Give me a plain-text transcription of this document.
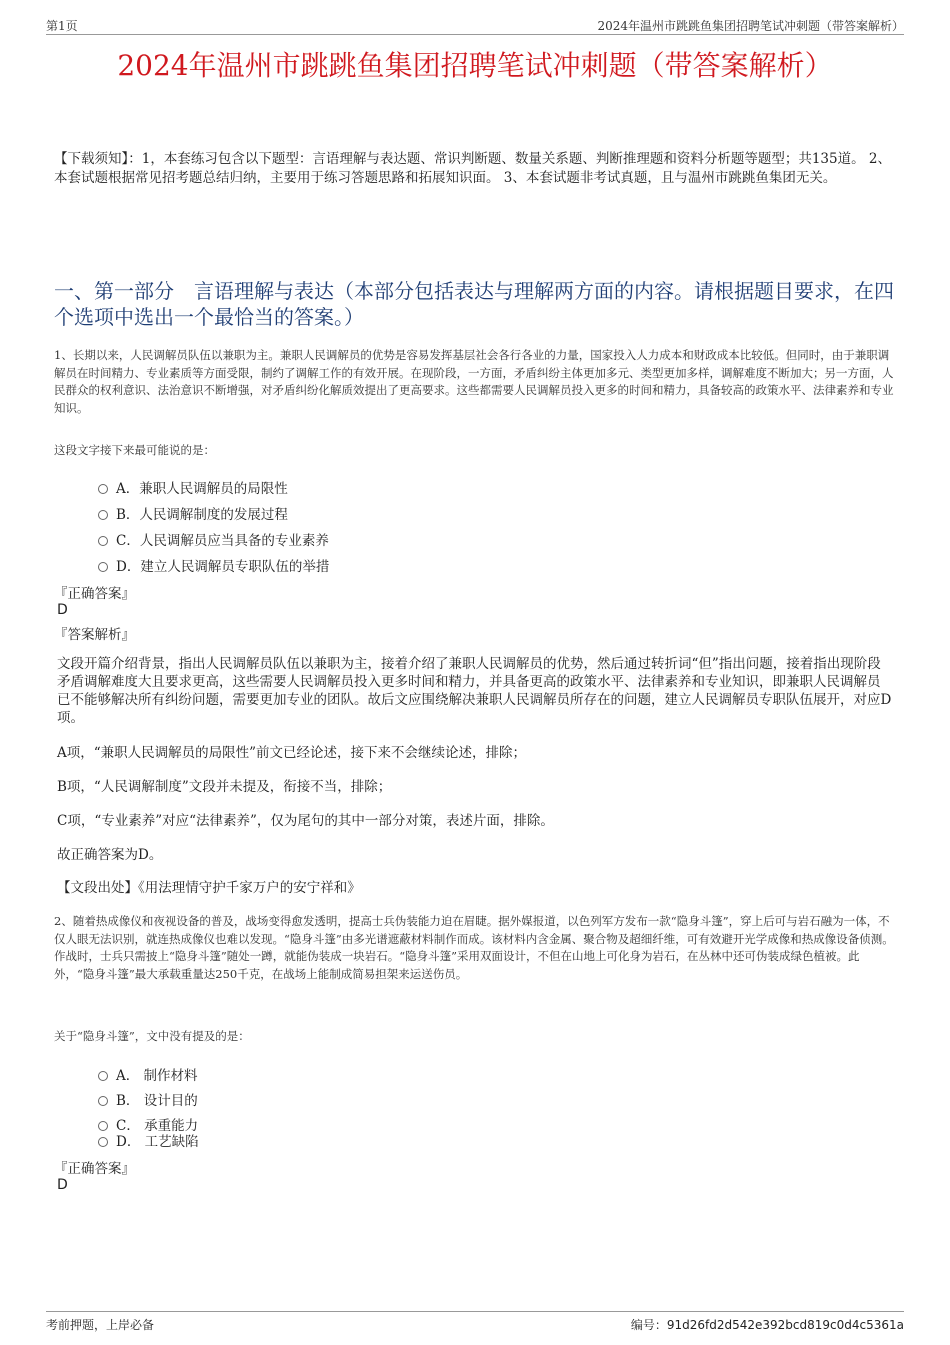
第1页	2024年温州市跳跳鱼集团招聘笔试冲刺题（带答案解析）
2024年温州市跳跳鱼集团招聘笔试冲刺题（带答案解析）
【下载须知】：1，本套练习包含以下题型：言语理解与表达题、常识判断题、数量关系题、判断推理题和资料分析题等题型；共135道。 2、本套试题根据常见招考题总结归纳，主要用于练习答题思路和拓展知识面。 3、本套试题非考试真题，且与温州市跳跳鱼集团无关。
一、第一部分　言语理解与表达（本部分包括表达与理解两方面的内容。请根据题目要求，在四个选项中选出一个最恰当的答案。）
1、长期以来，人民调解员队伍以兼职为主。兼职人民调解员的优势是容易发挥基层社会各行各业的力量，国家投入人力成本和财政成本比较低。但同时，由于兼职调解员在时间精力、专业素质等方面受限，制约了调解工作的有效开展。在现阶段，一方面，矛盾纠纷主体更加多元、类型更加多样，调解难度不断加大；另一方面，人民群众的权利意识、法治意识不断增强，对矛盾纠纷化解质效提出了更高要求。这些都需要人民调解员投入更多的时间和精力，具备较高的政策水平、法律素养和专业知识。
这段文字接下来最可能说的是：
A．兼职人民调解员的局限性
B．人民调解制度的发展过程
C．人民调解员应当具备的专业素养
D．建立人民调解员专职队伍的举措
『正确答案』
D
『答案解析』
文段开篇介绍背景，指出人民调解员队伍以兼职为主，接着介绍了兼职人民调解员的优势，然后通过转折词“但”指出问题，接着指出现阶段矛盾调解难度大且要求更高，这些需要人民调解员投入更多时间和精力，并具备更高的政策水平、法律素养和专业知识，即兼职人民调解员已不能够解决所有纠纷问题，需要更加专业的团队。故后文应围绕解决兼职人民调解员所存在的问题，建立人民调解员专职队伍展开，对应D项。
A项，“兼职人民调解员的局限性”前文已经论述，接下来不会继续论述，排除；
B项，“人民调解制度”文段并未提及，衔接不当，排除；
C项，“专业素养”对应“法律素养”，仅为尾句的其中一部分对策，表述片面，排除。
故正确答案为D。
【文段出处】《用法理情守护千家万户的安宁祥和》
2、随着热成像仪和夜视设备的普及，战场变得愈发透明，提高士兵伪装能力迫在眉睫。据外媒报道，以色列军方发布一款“隐身斗篷”，穿上后可与岩石融为一体，不仅人眼无法识别，就连热成像仪也难以发现。“隐身斗篷”由多光谱遮蔽材料制作而成。该材料内含金属、聚合物及超细纤维，可有效避开光学成像和热成像设备侦测。作战时，士兵只需披上“隐身斗篷”随处一蹲，就能伪装成一块岩石。“隐身斗篷”采用双面设计，不但在山地上可化身为岩石，在丛林中还可伪装成绿色植被。此外，“隐身斗篷”最大承载重量达250千克，在战场上能制成简易担架来运送伤员。
关于“隐身斗篷”，文中没有提及的是：
A． 制作材料
B． 设计目的
C． 承重能力
D． 工艺缺陷
『正确答案』
D
考前押题，上岸必备	编号：91d26fd2d542e392bcd819c0d4c5361a
